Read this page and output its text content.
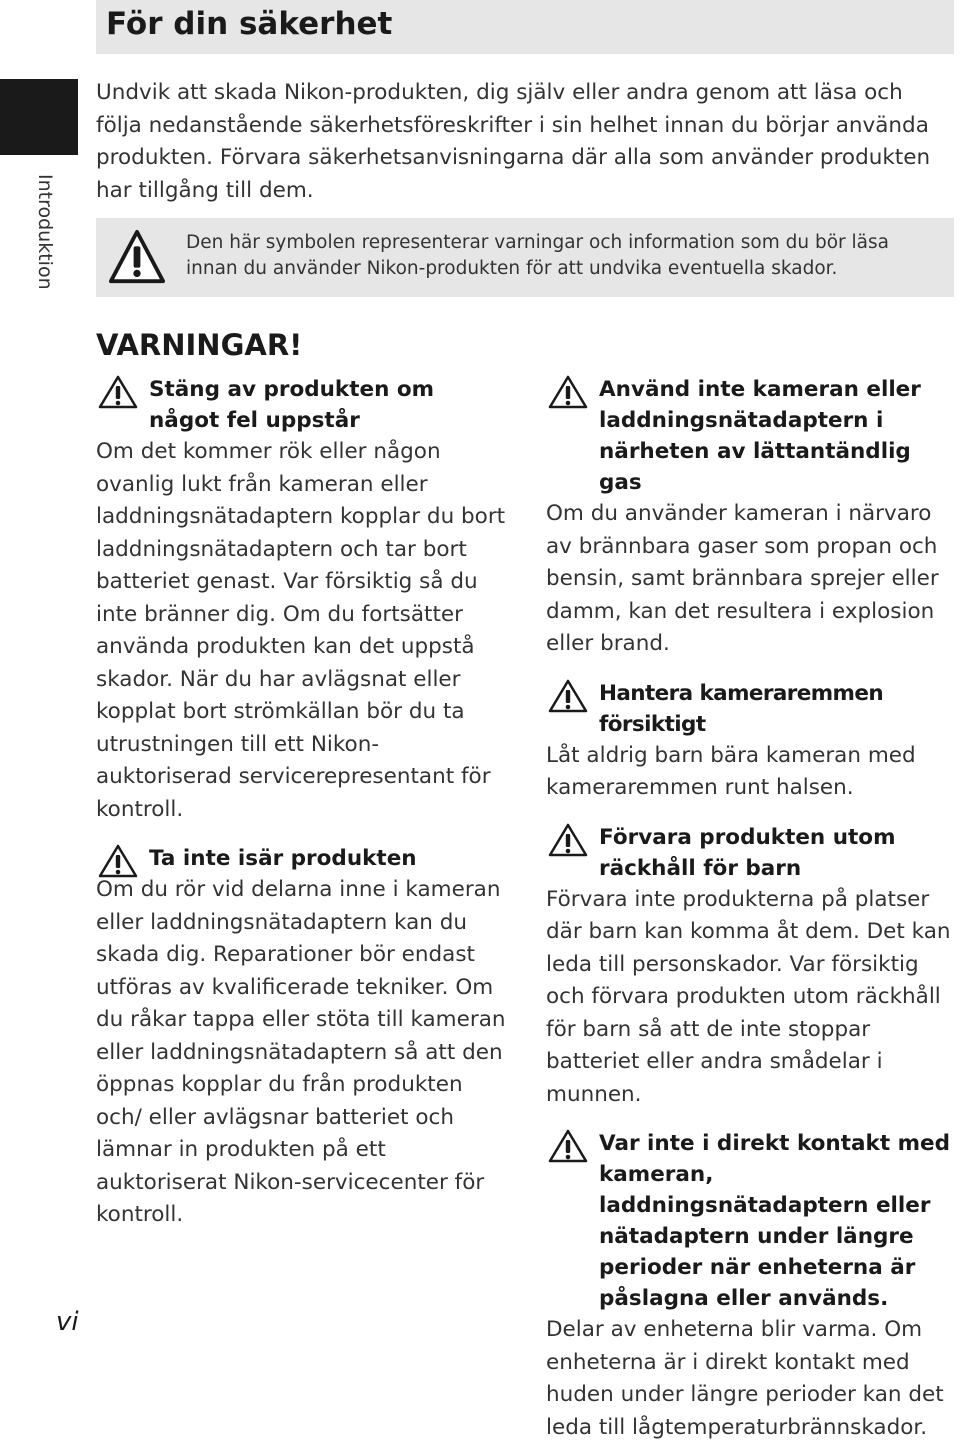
För din säkerhet
Introduktion

Undvik att skada Nikon-produkten, dig själv eller andra genom att läsa och följa nedanstående säkerhetsföreskrifter i sin helhet innan du börjar använda produkten. Förvara säkerhetsanvisningarna där alla som använder produkten har tillgång till dem.

Den här symbolen representerar varningar och information som du bör läsa innan du använder Nikon-produkten för att undvika eventuella skador.
VARNINGAR!
Stäng av produkten om något fel uppstår

Om det kommer rök eller någon ovanlig lukt från kameran eller laddningsnätadaptern kopplar du bort laddningsnätadaptern och tar bort batteriet genast. Var försiktig så du inte bränner dig. Om du fortsätter använda produkten kan det uppstå skador. När du har avlägsnat eller kopplat bort strömkällan bör du ta utrustningen till ett Nikon-auktoriserad servicerepresentant för kontroll.

Ta inte isär produkten

Om du rör vid delarna inne i kameran eller laddningsnätadaptern kan du skada dig. Reparationer bör endast utföras av kvalificerade tekniker. Om du råkar tappa eller stöta till kameran eller laddningsnätadaptern så att den öppnas kopplar du från produkten och/ eller avlägsnar batteriet och lämnar in produkten på ett auktoriserat Nikon-servicecenter för kontroll.

Använd inte kameran eller laddningsnätadaptern i närheten av lättantändlig gas

Om du använder kameran i närvaro av brännbara gaser som propan och bensin, samt brännbara sprejer eller damm, kan det resultera i explosion eller brand.

Hantera kameraremmen försiktigt

Låt aldrig barn bära kameran med kameraremmen runt halsen.

Förvara produkten utom räckhåll för barn

Förvara inte produkterna på platser där barn kan komma åt dem. Det kan leda till personskador. Var försiktig och förvara produkten utom räckhåll för barn så att de inte stoppar batteriet eller andra smådelar i munnen.

Var inte i direkt kontakt med kameran, laddningsnätadaptern eller nätadaptern under längre perioder när enheterna är påslagna eller används.

Delar av enheterna blir varma. Om enheterna är i direkt kontakt med huden under längre perioder kan det leda till lågtemperaturbrännskador.

vi
